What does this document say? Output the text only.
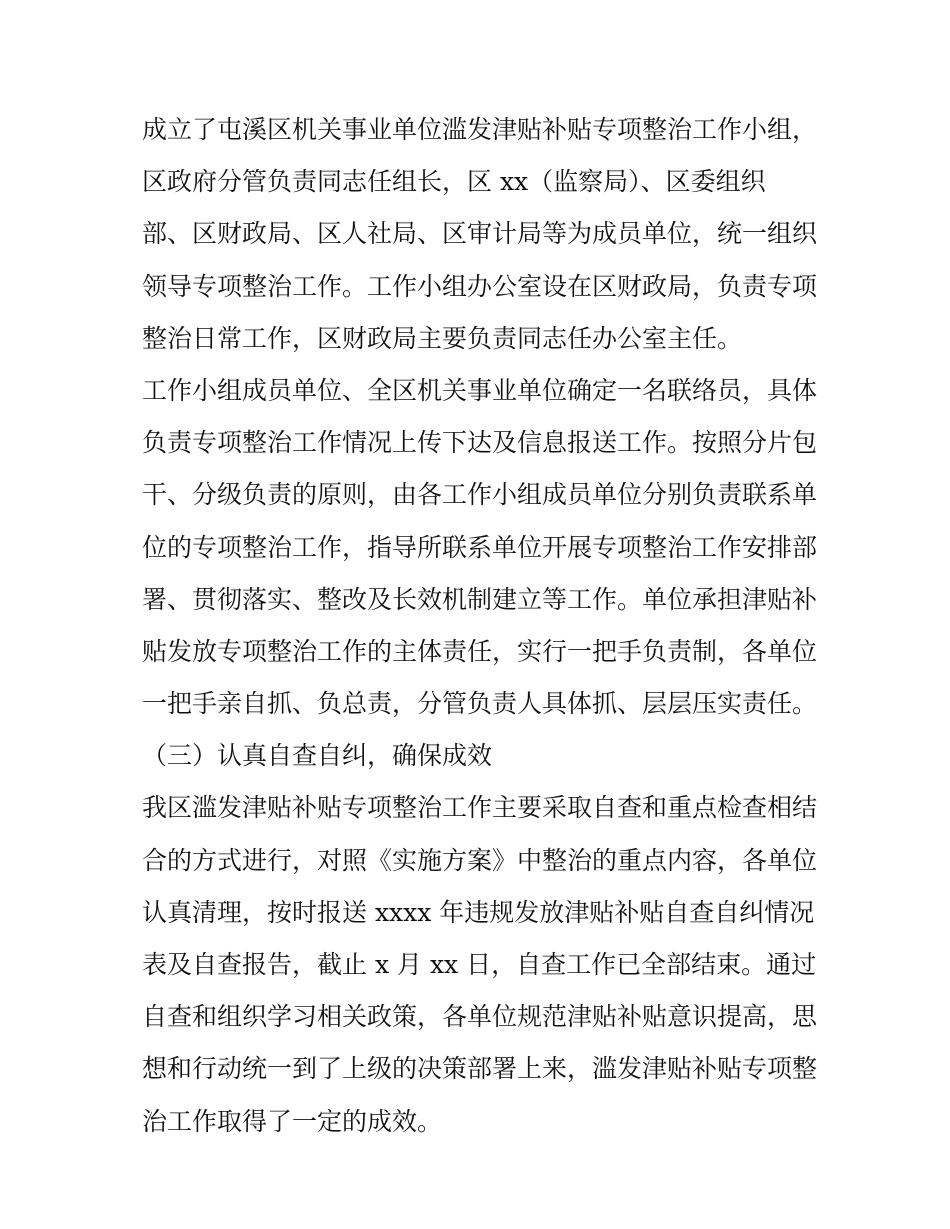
成立了屯溪区机关事业单位滥发津贴补贴专项整治工作小组，
区政府分管负责同志任组长，区 xx（监察局）、区委组织
部、区财政局、区人社局、区审计局等为成员单位，统一组织
领导专项整治工作。工作小组办公室设在区财政局，负责专项
整治日常工作，区财政局主要负责同志任办公室主任。
工作小组成员单位、全区机关事业单位确定一名联络员，具体
负责专项整治工作情况上传下达及信息报送工作。按照分片包
干、分级负责的原则，由各工作小组成员单位分别负责联系单
位的专项整治工作，指导所联系单位开展专项整治工作安排部
署、贯彻落实、整改及长效机制建立等工作。单位承担津贴补
贴发放专项整治工作的主体责任，实行一把手负责制，各单位
一把手亲自抓、负总责，分管负责人具体抓、层层压实责任。
（三）认真自查自纠，确保成效
我区滥发津贴补贴专项整治工作主要采取自查和重点检查相结
合的方式进行，对照《实施方案》中整治的重点内容，各单位
认真清理，按时报送 xxxx 年违规发放津贴补贴自查自纠情况
表及自查报告，截止 x 月 xx 日，自查工作已全部结束。通过
自查和组织学习相关政策，各单位规范津贴补贴意识提高，思
想和行动统一到了上级的决策部署上来，滥发津贴补贴专项整
治工作取得了一定的成效。
